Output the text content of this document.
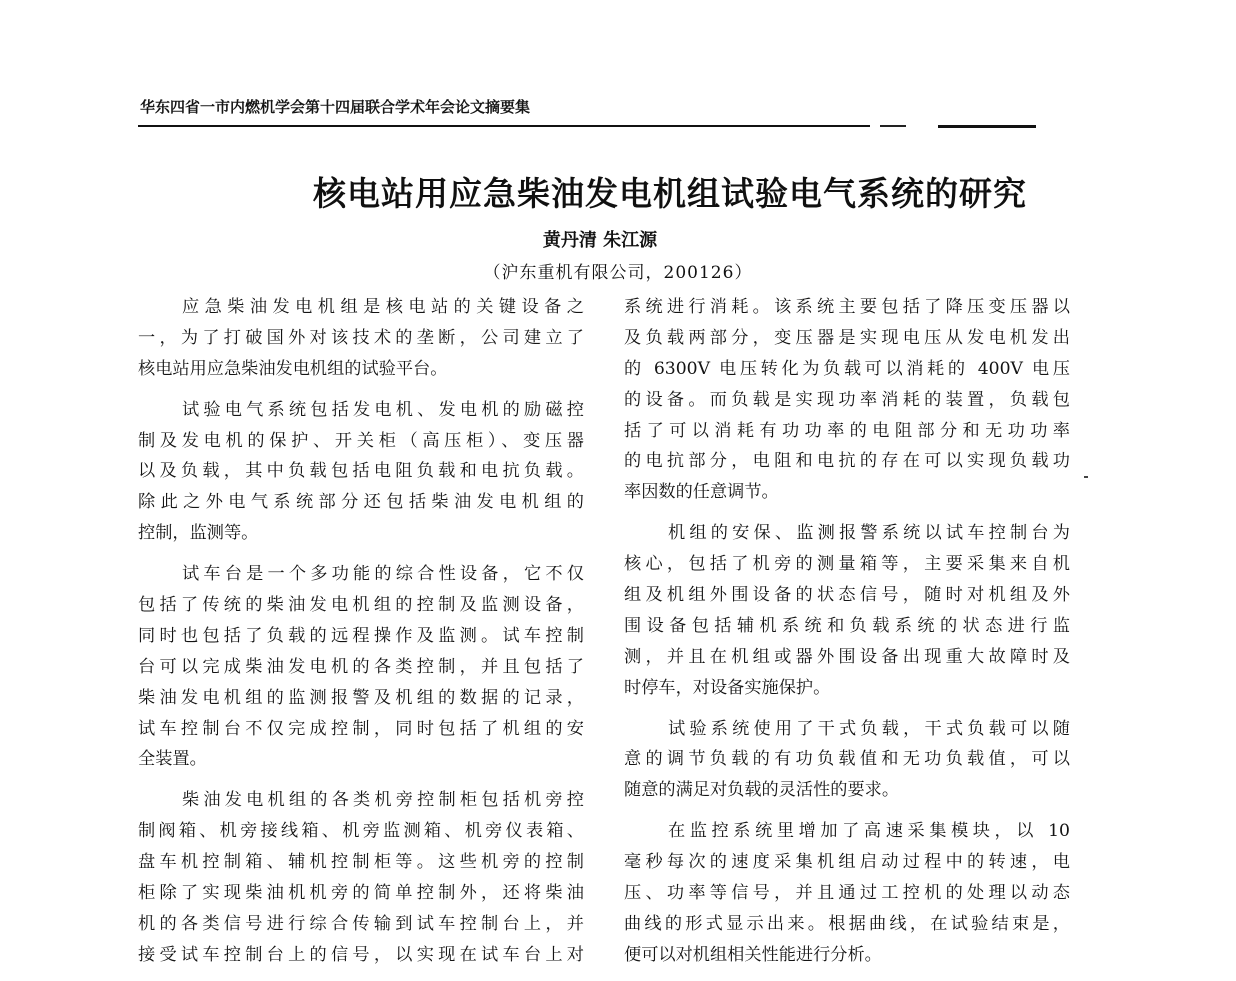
华东四省一市内燃机学会第十四届联合学术年会论文摘要集
核电站用应急柴油发电机组试验电气系统的研究
黄丹清 朱江源
（沪东重机有限公司，200126）
应急柴油发电机组是核电站的关键设备之
一，为了打破国外对该技术的垄断，公司建立了
核电站用应急柴油发电机组的试验平台。
试验电气系统包括发电机、发电机的励磁控
制及发电机的保护、开关柜（高压柜）、变压器
以及负载，其中负载包括电阻负载和电抗负载。
除此之外电气系统部分还包括柴油发电机组的
控制，监测等。
试车台是一个多功能的综合性设备，它不仅
包括了传统的柴油发电机组的控制及监测设备，
同时也包括了负载的远程操作及监测。试车控制
台可以完成柴油发电机的各类控制，并且包括了
柴油发电机组的监测报警及机组的数据的记录，
试车控制台不仅完成控制，同时包括了机组的安
全装置。
柴油发电机组的各类机旁控制柜包括机旁控
制阀箱、机旁接线箱、机旁监测箱、机旁仪表箱、
盘车机控制箱、辅机控制柜等。这些机旁的控制
柜除了实现柴油机机旁的简单控制外，还将柴油
机的各类信号进行综合传输到试车控制台上，并
接受试车控制台上的信号，以实现在试车台上对
系统进行消耗。该系统主要包括了降压变压器以
及负载两部分，变压器是实现电压从发电机发出
的 6300V 电压转化为负载可以消耗的 400V 电压
的设备。而负载是实现功率消耗的装置，负载包
括了可以消耗有功功率的电阻部分和无功功率
的电抗部分，电阻和电抗的存在可以实现负载功
率因数的任意调节。
机组的安保、监测报警系统以试车控制台为
核心，包括了机旁的测量箱等，主要采集来自机
组及机组外围设备的状态信号，随时对机组及外
围设备包括辅机系统和负载系统的状态进行监
测，并且在机组或器外围设备出现重大故障时及
时停车，对设备实施保护。
试验系统使用了干式负载，干式负载可以随
意的调节负载的有功负载值和无功负载值，可以
随意的满足对负载的灵活性的要求。
在监控系统里增加了高速采集模块，以 10
毫秒每次的速度采集机组启动过程中的转速，电
压、功率等信号，并且通过工控机的处理以动态
曲线的形式显示出来。根据曲线，在试验结束是，
便可以对机组相关性能进行分析。
